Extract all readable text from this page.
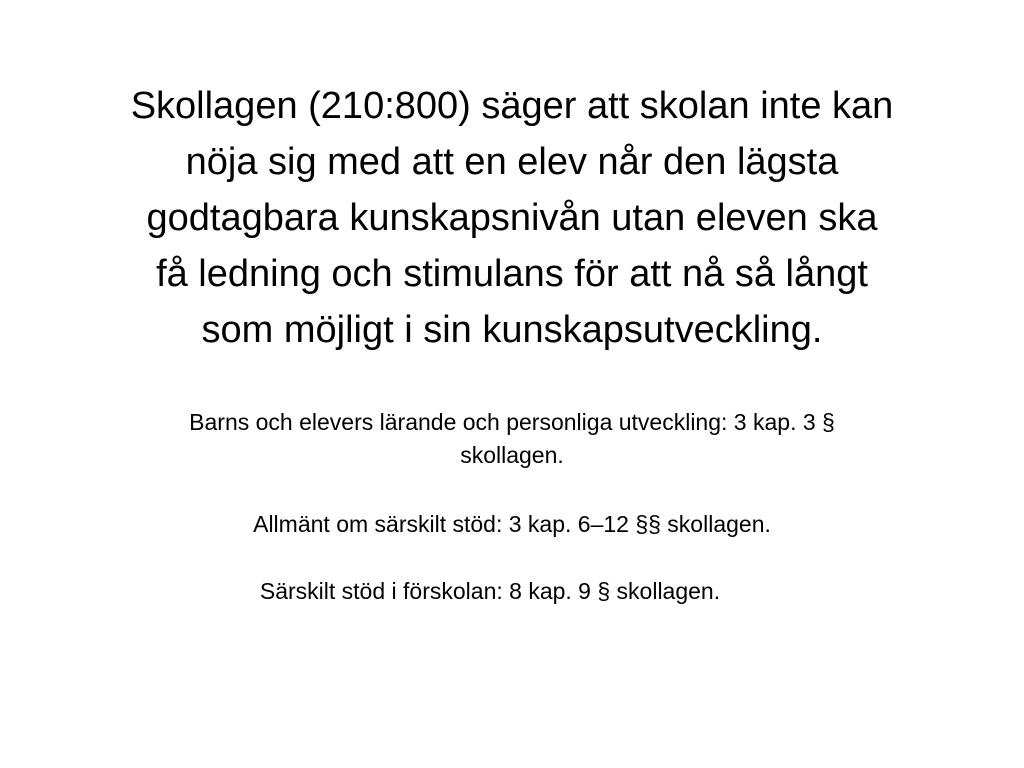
Skollagen (210:800) säger att skolan inte kan
nöja sig med att en elev når den lägsta
godtagbara kunskapsnivån utan eleven ska
få ledning och stimulans för att nå så långt
som möjligt i sin kunskapsutveckling.

Barns och elevers lärande och personliga utveckling: 3 kap. 3 §
skollagen.

Allmänt om särskilt stöd: 3 kap. 6–12 §§ skollagen.

Särskilt stöd i förskolan: 8 kap. 9 § skollagen.
